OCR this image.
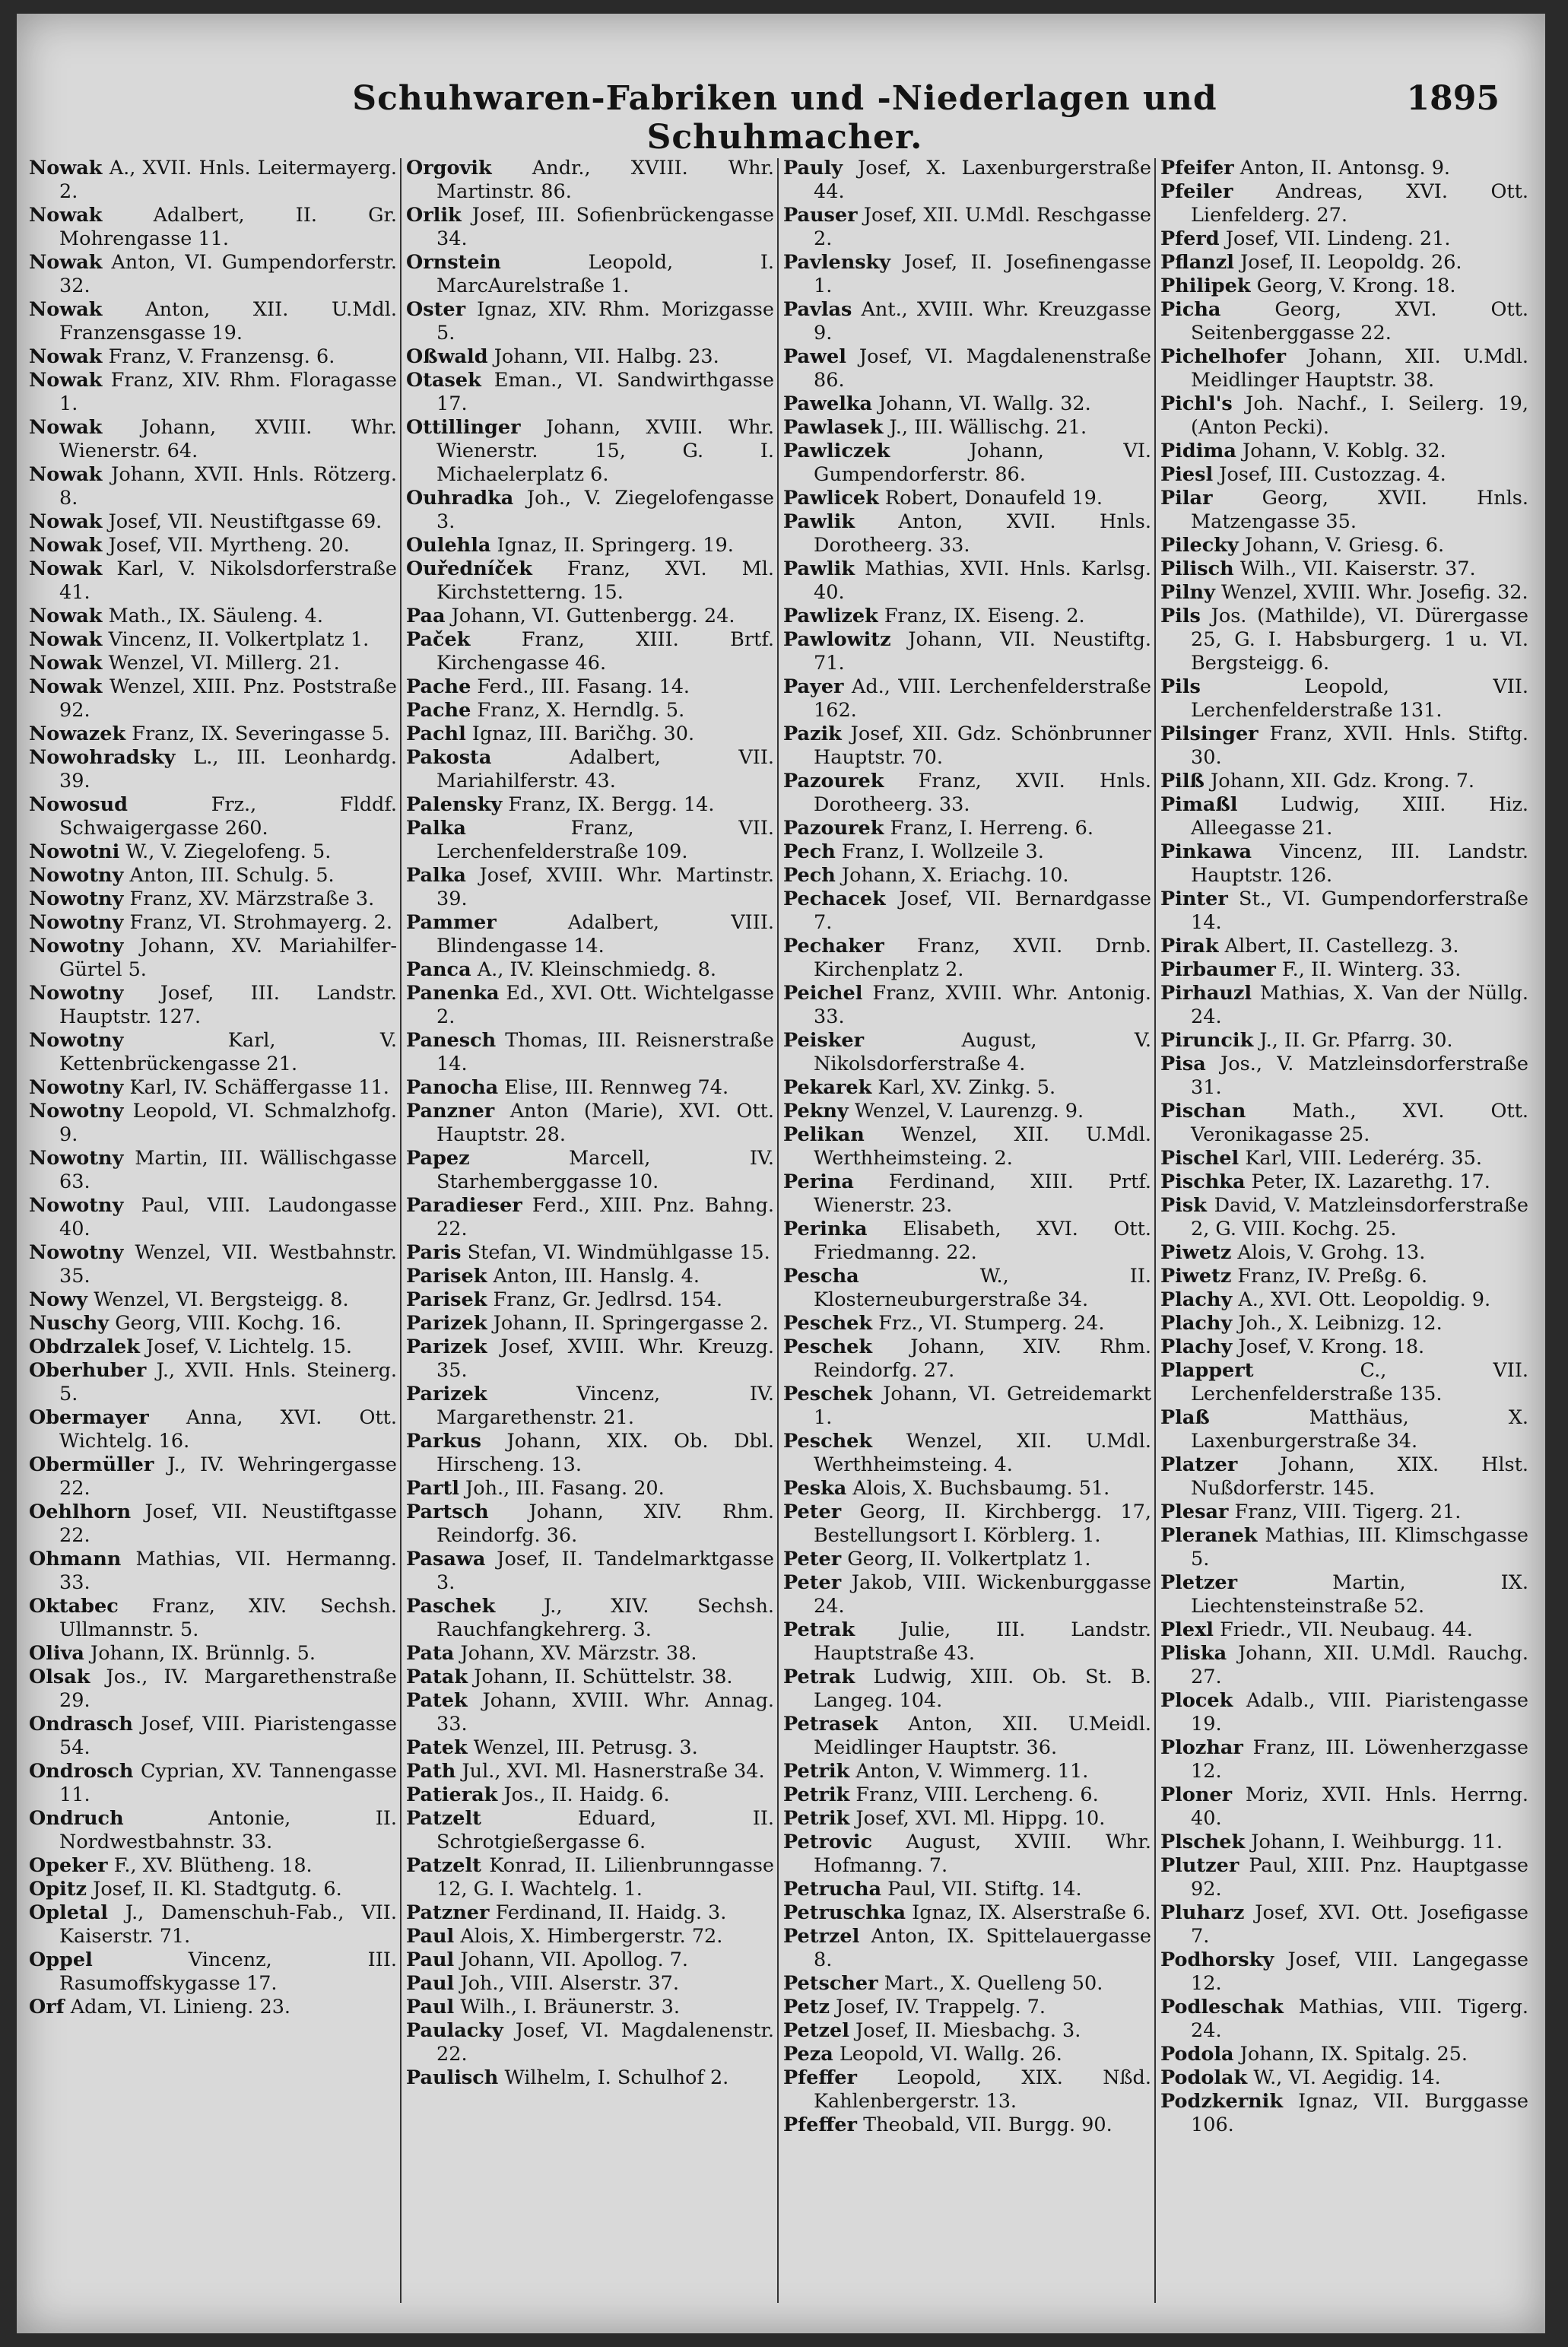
Schuhwaren-Fabriken und -Niederlagen und Schuhmacher.
1895

Nowak A., XVII. Hnls. Leitermayerg. 2.

Nowak	Adalbert, II. Gr. Mohrengasse 11.

Nowak Anton, VI. Gumpendorferstr. 32.

Nowak Anton, XII. U.Mdl. Franzensgasse 19.

Nowak Franz, V. Franzensg. 6.

Nowak Franz, XIV. Rhm. Floragasse 1.

Nowak Johann, XVIII. Whr. Wienerstr. 64.

Nowak Johann, XVII. Hnls. Rötzerg. 8.

Nowak Josef, VII. Neustiftgasse 69.

Nowak Josef, VII. Myrtheng. 20.

Nowak Karl, V. Nikolsdorferstraße 41.

Nowak Math., IX. Säuleng. 4.

Nowak Vincenz, II. Volkertplatz 1.

Nowak Wenzel, VI. Millerg. 21.

Nowak Wenzel, XIII. Pnz. Poststraße 92.

Nowazek Franz, IX. Severingasse 5.

Nowohradsky L., III. Leonhardg. 39.

Nowosud	Frz., Flddf. Schwaigergasse 260.

Nowotni W., V. Ziegelofeng. 5.

Nowotny Anton, III. Schulg. 5.

Nowotny Franz, XV. Märzstraße 3.

Nowotny Franz, VI. Strohmayerg. 2.

Nowotny Johann, XV. Mariahilfer-Gürtel 5.

Nowotny Josef, III. Landstr. Hauptstr. 127.

Nowotny	Karl, V. Kettenbrückengasse 21.

Nowotny Karl, IV. Schäffergasse 11.

Nowotny Leopold, VI. Schmalzhofg. 9.

Nowotny Martin, III. Wällischgasse 63.

Nowotny Paul, VIII. Laudongasse 40.

Nowotny Wenzel, VII. Westbahnstr. 35.

Nowy Wenzel, VI. Bergsteigg. 8.

Nuschy Georg, VIII. Kochg. 16.

Obdrzalek Josef, V. Lichtelg. 15.

Oberhuber J., XVII. Hnls. Steinerg. 5.

Obermayer Anna, XVI. Ott. Wichtelg. 16.

Obermüller J., IV. Wehringergasse 22.

Oehlhorn Josef, VII. Neustiftgasse 22.

Ohmann Mathias, VII. Hermanng. 33.

Oktabec Franz, XIV. Sechsh. Ullmannstr. 5.

Oliva Johann, IX. Brünnlg. 5.

Olsak Jos., IV. Margarethenstraße 29.

Ondrasch Josef, VIII. Piaristengasse 54.

Ondrosch Cyprian, XV. Tannengasse 11.

Ondruch	Antonie, II. Nordwestbahnstr. 33.

Opeker F., XV. Blütheng. 18.

Opitz Josef, II. Kl. Stadtgutg. 6.

Opletal J., Damenschuh-Fab., VII. Kaiserstr. 71.

Oppel	Vincenz, III. Rasumoffskygasse 17.

Orf Adam, VI. Linieng. 23.

Orgovik Andr., XVIII. Whr. Martinstr. 86.

Orlik Josef, III. Sofienbrückengasse 34.

Ornstein	Leopold, I. MarcAurelstraße 1.

Oster Ignaz, XIV. Rhm. Morizgasse 5.

Oßwald Johann, VII. Halbg. 23.

Otasek Eman., VI. Sandwirthgasse 17.

Ottillinger Johann, XVIII. Whr. Wienerstr. 15, G. I. Michaelerplatz 6.

Ouhradka Joh., V. Ziegelofengasse 3.

Oulehla Ignaz, II. Springerg. 19.

Ouředníček Franz, XVI. Ml. Kirchstetterng. 15.

Paa Johann, VI. Guttenbergg. 24.

Paček	Franz, XIII. Brtf. Kirchengasse 46.

Pache Ferd., III. Fasang. 14.

Pache Franz, X. Herndlg. 5.

Pachl Ignaz, III. Baričhg. 30.

Pakosta	Adalbert, VII. Mariahilferstr. 43.

Palensky Franz, IX. Bergg. 14.

Palka	Franz, VII. Lerchenfelderstraße 109.

Palka Josef, XVIII. Whr. Martinstr. 39.

Pammer	Adalbert, VIII. Blindengasse 14.

Panca A., IV. Kleinschmiedg. 8.

Panenka Ed., XVI. Ott. Wichtelgasse 2.

Panesch Thomas, III. Reisnerstraße 14.

Panocha Elise, III. Rennweg 74.

Panzner Anton (Marie), XVI. Ott. Hauptstr. 28.

Papez	Marcell, IV. Starhemberggasse 10.

Paradieser Ferd., XIII. Pnz. Bahng. 22.

Paris Stefan, VI. Windmühlgasse 15.

Parisek Anton, III. Hanslg. 4.

Parisek Franz, Gr. Jedlrsd. 154.

Parizek Johann, II. Springergasse 2.

Parizek Josef, XVIII. Whr. Kreuzg. 35.

Parizek	Vincenz, IV. Margarethenstr. 21.

Parkus Johann, XIX. Ob. Dbl. Hirscheng. 13.

Partl Joh., III. Fasang. 20.

Partsch Johann, XIV. Rhm. Reindorfg. 36.

Pasawa Josef, II. Tandelmarktgasse 3.

Paschek J., XIV. Sechsh. Rauchfangkehrerg. 3.

Pata Johann, XV. Märzstr. 38.

Patak Johann, II. Schüttelstr. 38.

Patek Johann, XVIII. Whr. Annag. 33.

Patek Wenzel, III. Petrusg. 3.

Path Jul., XVI. Ml. Hasnerstraße 34.

Patierak Jos., II. Haidg. 6.

Patzelt	Eduard, II. Schrotgießergasse 6.

Patzelt Konrad, II. Lilienbrunngasse 12, G. I. Wachtelg. 1.

Patzner Ferdinand, II. Haidg. 3.

Paul Alois, X. Himbergerstr. 72.

Paul Johann, VII. Apollog. 7.

Paul Joh., VIII. Alserstr. 37.

Paul Wilh., I. Bräunerstr. 3.

Paulacky Josef, VI. Magdalenenstr. 22.

Paulisch Wilhelm, I. Schulhof 2.

Pauly Josef, X. Laxenburgerstraße 44.

Pauser Josef, XII. U.Mdl. Reschgasse 2.

Pavlensky Josef, II. Josefinengasse 1.

Pavlas Ant., XVIII. Whr. Kreuzgasse 9.

Pawel Josef, VI. Magdalenenstraße 86.

Pawelka Johann, VI. Wallg. 32.

Pawlasek J., III. Wällischg. 21.

Pawliczek	Johann, VI. Gumpendorferstr. 86.

Pawlicek Robert, Donaufeld 19.

Pawlik Anton, XVII. Hnls. Dorotheerg. 33.

Pawlik Mathias, XVII. Hnls. Karlsg. 40.

Pawlizek Franz, IX. Eiseng. 2.

Pawlowitz Johann, VII. Neustiftg. 71.

Payer Ad., VIII. Lerchenfelderstraße 162.

Pazik Josef, XII. Gdz. Schönbrunner Hauptstr. 70.

Pazourek Franz, XVII. Hnls. Dorotheerg. 33.

Pazourek Franz, I. Herreng. 6.

Pech Franz, I. Wollzeile 3.

Pech Johann, X. Eriachg. 10.

Pechacek Josef, VII. Bernardgasse 7.

Pechaker Franz, XVII. Drnb. Kirchenplatz 2.

Peichel Franz, XVIII. Whr. Antonig. 33.

Peisker	August, V. Nikolsdorferstraße 4.

Pekarek Karl, XV. Zinkg. 5.

Pekny Wenzel, V. Laurenzg. 9.

Pelikan Wenzel, XII. U.Mdl. Werthheimsteing. 2.

Perina Ferdinand, XIII. Prtf. Wienerstr. 23.

Perinka Elisabeth, XVI. Ott. Friedmanng. 22.

Pescha	W., II. Klosterneuburgerstraße 34.

Peschek Frz., VI. Stumperg. 24.

Peschek Johann, XIV. Rhm. Reindorfg. 27.

Peschek Johann, VI. Getreidemarkt 1.

Peschek Wenzel, XII. U.Mdl. Werthheimsteing. 4.

Peska Alois, X. Buchsbaumg. 51.

Peter Georg, II. Kirchbergg. 17, Bestellungsort I. Körblerg. 1.

Peter Georg, II. Volkertplatz 1.

Peter Jakob, VIII. Wickenburggasse 24.

Petrak Julie, III. Landstr. Hauptstraße 43.

Petrak Ludwig, XIII. Ob. St. B. Langeg. 104.

Petrasek Anton, XII. U.Meidl. Meidlinger Hauptstr. 36.

Petrik Anton, V. Wimmerg. 11.

Petrik Franz, VIII. Lercheng. 6.

Petrik Josef, XVI. Ml. Hippg. 10.

Petrovic August, XVIII. Whr. Hofmanng. 7.

Petrucha Paul, VII. Stiftg. 14.

Petruschka Ignaz, IX. Alserstraße 6.

Petrzel Anton, IX. Spittelauergasse 8.

Petscher Mart., X. Quelleng 50.

Petz Josef, IV. Trappelg. 7.

Petzel Josef, II. Miesbachg. 3.

Peza Leopold, VI. Wallg. 26.

Pfeffer Leopold, XIX. Nßd. Kahlenbergerstr. 13.

Pfeffer Theobald, VII. Burgg. 90.

Pfeifer Anton, II. Antonsg. 9.

Pfeiler Andreas, XVI. Ott. Lienfelderg. 27.

Pferd Josef, VII. Lindeng. 21.

Pflanzl Josef, II. Leopoldg. 26.

Philipek Georg, V. Krong. 18.

Picha	Georg, XVI. Ott. Seitenberggasse 22.

Pichelhofer Johann, XII. U.Mdl. Meidlinger Hauptstr. 38.

Pichl's Joh. Nachf., I. Seilerg. 19, (Anton Pecki).

Pidima Johann, V. Koblg. 32.

Piesl Josef, III. Custozzag. 4.

Pilar	Georg, XVII. Hnls. Matzengasse 35.

Pilecky Johann, V. Griesg. 6.

Pilisch Wilh., VII. Kaiserstr. 37.

Pilny Wenzel, XVIII. Whr. Josefig. 32.

Pils Jos. (Mathilde), VI. Dürergasse 25, G. I. Habsburgerg. 1 u. VI. Bergsteigg. 6.

Pils	Leopold, VII. Lerchenfelderstraße 131.

Pilsinger Franz, XVII. Hnls. Stiftg. 30.

Pilß Johann, XII. Gdz. Krong. 7.

Pimaßl Ludwig, XIII. Hiz. Alleegasse 21.

Pinkawa Vincenz, III. Landstr. Hauptstr. 126.

Pinter St., VI. Gumpendorferstraße 14.

Pirak Albert, II. Castellezg. 3.

Pirbaumer F., II. Winterg. 33.

Pirhauzl Mathias, X. Van der Nüllg. 24.

Piruncik J., II. Gr. Pfarrg. 30.

Pisa Jos., V. Matzleinsdorferstraße 31.

Pischan Math., XVI. Ott. Veronikagasse 25.

Pischel Karl, VIII. Lederérg. 35.

Pischka Peter, IX. Lazarethg. 17.

Pisk David, V. Matzleinsdorferstraße 2, G. VIII. Kochg. 25.

Piwetz Alois, V. Grohg. 13.

Piwetz Franz, IV. Preßg. 6.

Plachy A., XVI. Ott. Leopoldig. 9.

Plachy Joh., X. Leibnizg. 12.

Plachy Josef, V. Krong. 18.

Plappert	C., VII. Lerchenfelderstraße 135.

Plaß	Matthäus, X. Laxenburgerstraße 34.

Platzer Johann, XIX. Hlst. Nußdorferstr. 145.

Plesar Franz, VIII. Tigerg. 21.

Pleranek Mathias, III. Klimschgasse 5.

Pletzer	Martin, IX. Liechtensteinstraße 52.

Plexl Friedr., VII. Neubaug. 44.

Pliska Johann, XII. U.Mdl. Rauchg. 27.

Plocek Adalb., VIII. Piaristengasse 19.

Plozhar Franz, III. Löwenherzgasse 12.

Ploner Moriz, XVII. Hnls. Herrng. 40.

Plschek Johann, I. Weihburgg. 11.

Plutzer Paul, XIII. Pnz. Hauptgasse 92.

Pluharz Josef, XVI. Ott. Josefigasse 7.

Podhorsky Josef, VIII. Langegasse 12.

Podleschak Mathias, VIII. Tigerg. 24.

Podola Johann, IX. Spitalg. 25.

Podolak W., VI. Aegidig. 14.

Podzkernik Ignaz, VII. Burggasse 106.
